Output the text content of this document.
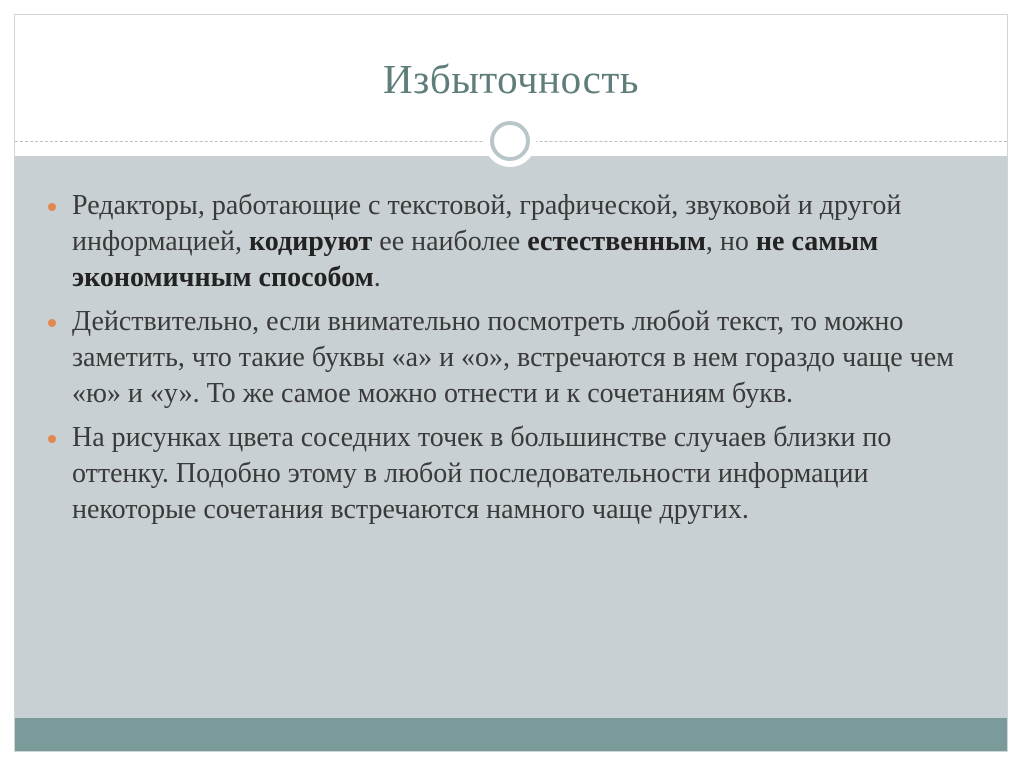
Избыточность
Редакторы, работающие с текстовой, графической, звуковой и другой информацией, кодируют ее наиболее естественным, но не самым экономичным способом.
Действительно, если внимательно посмотреть любой текст, то можно заметить, что такие буквы «а» и «о», встречаются в нем гораздо чаще чем «ю» и «у». То же самое можно отнести и к сочетаниям букв.
На рисунках цвета соседних точек в большинстве случаев близки по оттенку. Подобно этому в любой последовательности информации некоторые сочетания встречаются намного чаще других.
